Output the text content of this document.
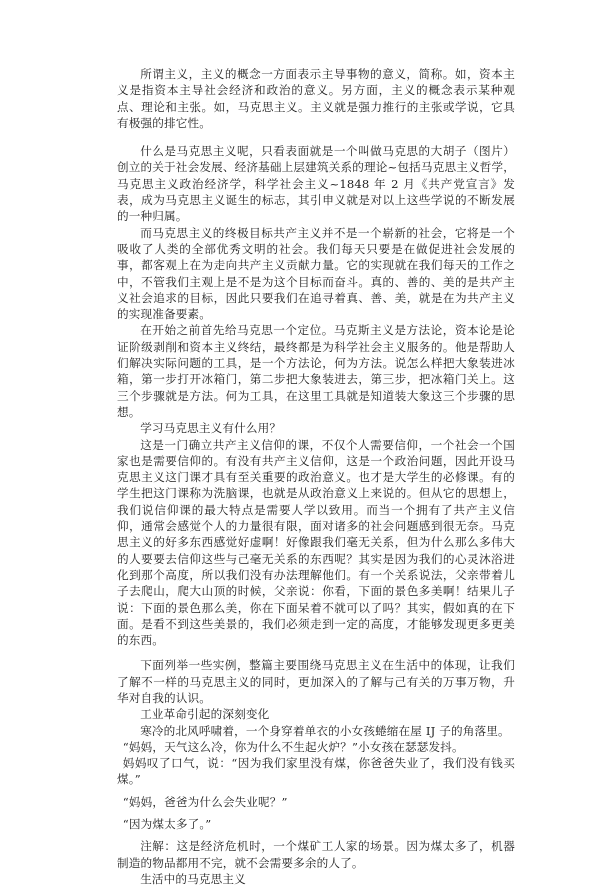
所谓主义，主义的概念一方面表示主导事物的意义，简称。如，资本主义是指资本主导社会经济和政治的意义。另方面，主义的概念表示某种观点、理论和主张。如，马克思主义。主义就是强力推行的主张或学说，它具有极强的排它性。

什么是马克思主义呢，只看表面就是一个叫做马克思的大胡子（图片）创立的关于社会发展、经济基础上层建筑关系的理论~包括马克思主义哲学，马克思主义政治经济学，科学社会主义~1848 年 2 月《共产党宣言》发表，成为马克思主义诞生的标志，其引申义就是对以上这些学说的不断发展的一种归属。

而马克思主义的终极目标共产主义并不是一个崭新的社会，它将是一个吸收了人类的全部优秀文明的社会。我们每天只要是在做促进社会发展的事，都客观上在为走向共产主义贡献力量。它的实现就在我们每天的工作之中，不管我们主观上是不是为这个目标而奋斗。真的、善的、美的是共产主义社会追求的目标，因此只要我们在追寻着真、善、美，就是在为共产主义的实现准备要素。

在开始之前首先给马克思一个定位。马克斯主义是方法论，资本论是论证阶级剥削和资本主义终结，最终都是为科学社会主义服务的。他是帮助人们解决实际问题的工具，是一个方法论，何为方法。说怎么样把大象装进冰箱，第一步打开冰箱门，第二步把大象装进去，第三步，把冰箱门关上。这三个步骤就是方法。何为工具，在这里工具就是知道装大象这三个步骤的思想。

学习马克思主义有什么用？

这是一门确立共产主义信仰的课，不仅个人需要信仰，一个社会一个国家也是需要信仰的。有没有共产主义信仰，这是一个政治问题，因此开设马克思主义这门课才具有至关重要的政治意义。也才是大学生的必修课。有的学生把这门课称为洗脑课，也就是从政治意义上来说的。但从它的思想上，我们说信仰课的最大特点是需要人学以致用。而当一个拥有了共产主义信仰，通常会感觉个人的力量很有限，面对诸多的社会问题感到很无奈。马克思主义的好多东西感觉好虚啊！好像跟我们毫无关系，但为什么那么多伟大的人要要去信仰这些与己毫无关系的东西呢？其实是因为我们的心灵沐浴进化到那个高度，所以我们没有办法理解他们。有一个关系说法，父亲带着儿子去爬山，爬大山顶的时候，父亲说：你看，下面的景色多美啊！结果儿子说：下面的景色那么美，你在下面呆着不就可以了吗？其实，假如真的在下面。是看不到这些美景的，我们必须走到一定的高度，才能够发现更多更美的东西。

下面列举一些实例，整篇主要围绕马克思主义在生活中的体现，让我们了解不一样的马克思主义的同时，更加深入的了解与己有关的万事万物，升华对自我的认识。

工业革命引起的深刻变化

寒冷的北风呼啸着，一个身穿着单衣的小女孩蜷缩在屋 IJ 子的角落里。

“妈妈，天气这么冷，你为什么不生起火炉？”小女孩在瑟瑟发抖。

妈妈叹了口气，说：“因为我们家里没有煤，你爸爸失业了，我们没有钱买煤。”

“妈妈，爸爸为什么会失业呢？”

“因为煤太多了。”

注解：这是经济危机时，一个煤矿工人家的场景。因为煤太多了，机器制造的物品都用不完，就不会需要多余的人了。

生活中的马克思主义
